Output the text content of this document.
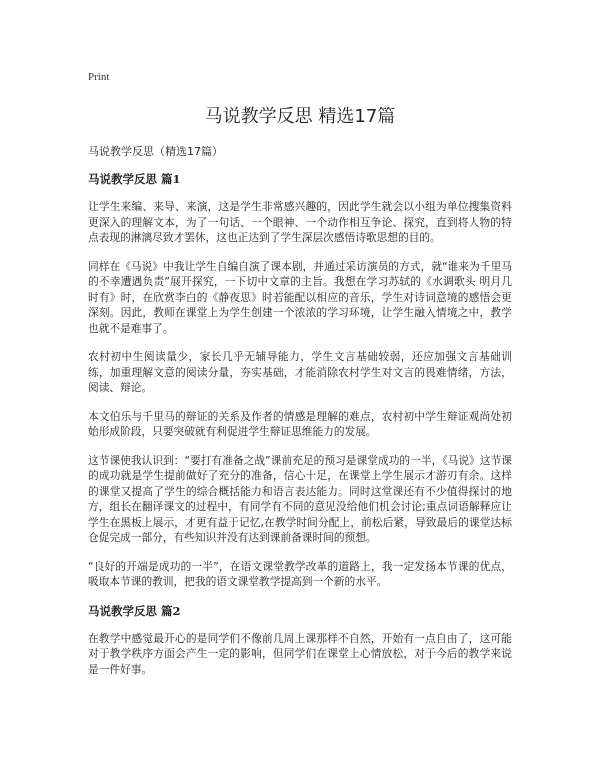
Print
马说教学反思 精选17篇
马说教学反思（精选17篇）
马说教学反思 篇1

让学生来编、来导、来演，这是学生非常感兴趣的，因此学生就会以小组为单位搜集资料更深入的理解文本，为了一句话、一个眼神、一个动作相互争论、探究，直到将人物的特点表现的淋漓尽致才罢休，这也正达到了学生深层次感悟诗歌思想的目的。

同样在《马说》中我让学生自编自演了课本剧，并通过采访演员的方式，就“谁来为千里马的不幸遭遇负责”展开探究，一下切中文章的主旨。我想在学习苏轼的《水调歌头 明月几时有》时，在欣赏李白的《静夜思》时若能配以相应的音乐，学生对诗词意境的感悟会更深刻。因此，教师在课堂上为学生创建一个浓浓的学习环境，让学生融入情境之中，教学也就不是难事了。

农村初中生阅读量少，家长几乎无辅导能力，学生文言基础较弱，还应加强文言基础训练，加重理解文意的阅读分量，夯实基础，才能消除农村学生对文言的畏难情绪，方法，阅读、辩论。

本文伯乐与千里马的辩证的关系及作者的情感是理解的难点，农村初中学生辩证观尚处初始形成阶段，只要突破就有利促进学生辩证思维能力的发展。

这节课使我认识到：“要打有准备之战”课前充足的预习是课堂成功的一半，《马说》这节课的成功就是学生提前做好了充分的准备，信心十足，在课堂上学生展示才游刃有余。这样的课堂又提高了学生的综合概括能力和语言表达能力。同时这堂课还有不少值得探讨的地方，组长在翻译课文的过程中，有同学有不同的意见没给他们机会讨论;重点词语解释应让学生在黑板上展示，才更有益于记忆,在教学时间分配上，前松后紧，导致最后的课堂达标仓促完成一部分，有些知识并没有达到课前备课时间的预想。

“良好的开端是成功的一半”，在语文课堂教学改革的道路上，我一定发扬本节课的优点，吸取本节课的教训，把我的语文课堂教学提高到一个新的水平。

马说教学反思 篇2

在教学中感觉最开心的是同学们不像前几周上课那样不自然，开始有一点自由了，这可能对于教学秩序方面会产生一定的影响，但同学们在课堂上心情放松，对于今后的教学来说是一件好事。
